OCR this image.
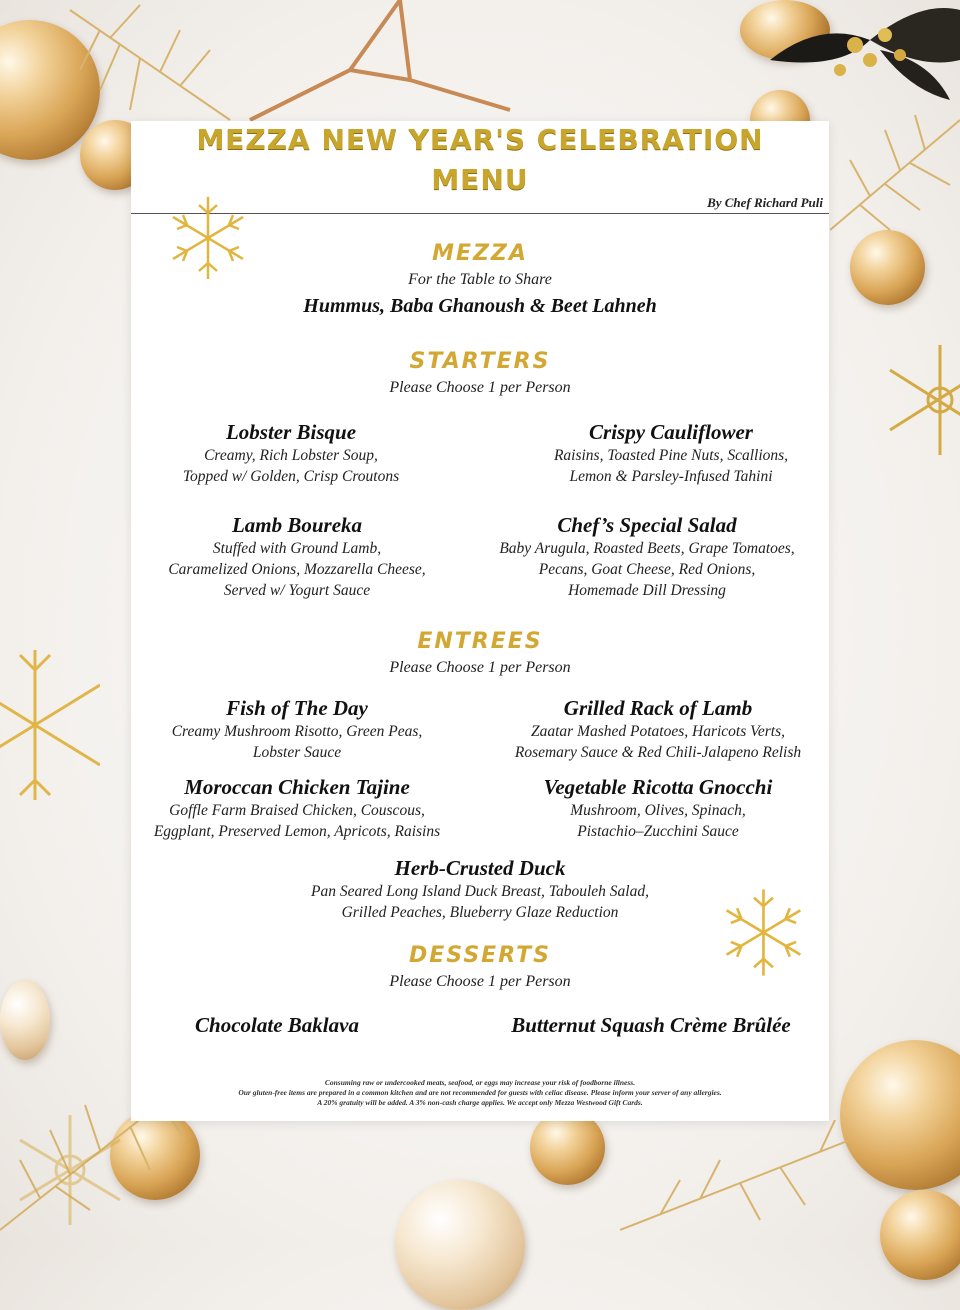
MEZZA NEW YEAR'S CELEBRATION
MENU
By Chef Richard Puli
MEZZA
For the Table to Share
Hummus, Baba Ghanoush & Beet Lahneh
STARTERS
Please Choose 1 per Person
Lobster Bisque
Creamy, Rich Lobster Soup,
Topped w/ Golden, Crisp Croutons
Crispy Cauliflower
Raisins, Toasted Pine Nuts, Scallions,
Lemon & Parsley-Infused Tahini
Lamb Boureka
Stuffed with Ground Lamb,
Caramelized Onions, Mozzarella Cheese,
Served w/ Yogurt Sauce
Chef’s Special Salad
Baby Arugula, Roasted Beets, Grape Tomatoes,
Pecans, Goat Cheese, Red Onions,
Homemade Dill Dressing
ENTREES
Please Choose 1 per Person
Fish of The Day
Creamy Mushroom Risotto, Green Peas,
Lobster Sauce
Grilled Rack of Lamb
Zaatar Mashed Potatoes, Haricots Verts,
Rosemary Sauce & Red Chili-Jalapeno Relish
Moroccan Chicken Tajine
Goffle Farm Braised Chicken, Couscous,
Eggplant, Preserved Lemon, Apricots, Raisins
Vegetable Ricotta Gnocchi
Mushroom, Olives, Spinach,
Pistachio–Zucchini Sauce
Herb-Crusted Duck
Pan Seared Long Island Duck Breast, Tabouleh Salad,
Grilled Peaches, Blueberry Glaze Reduction
DESSERTS
Please Choose 1 per Person
Chocolate Baklava	Butternut Squash Crème Brûlée
Consuming raw or undercooked meats, seafood, or eggs may increase your risk of foodborne illness.
Our gluten-free items are prepared in a common kitchen and are not recommended for guests with celiac disease. Please inform your server of any allergies.
A 20% gratuity will be added. A 3% non-cash charge applies. We accept only Mezza Westwood Gift Cards.
